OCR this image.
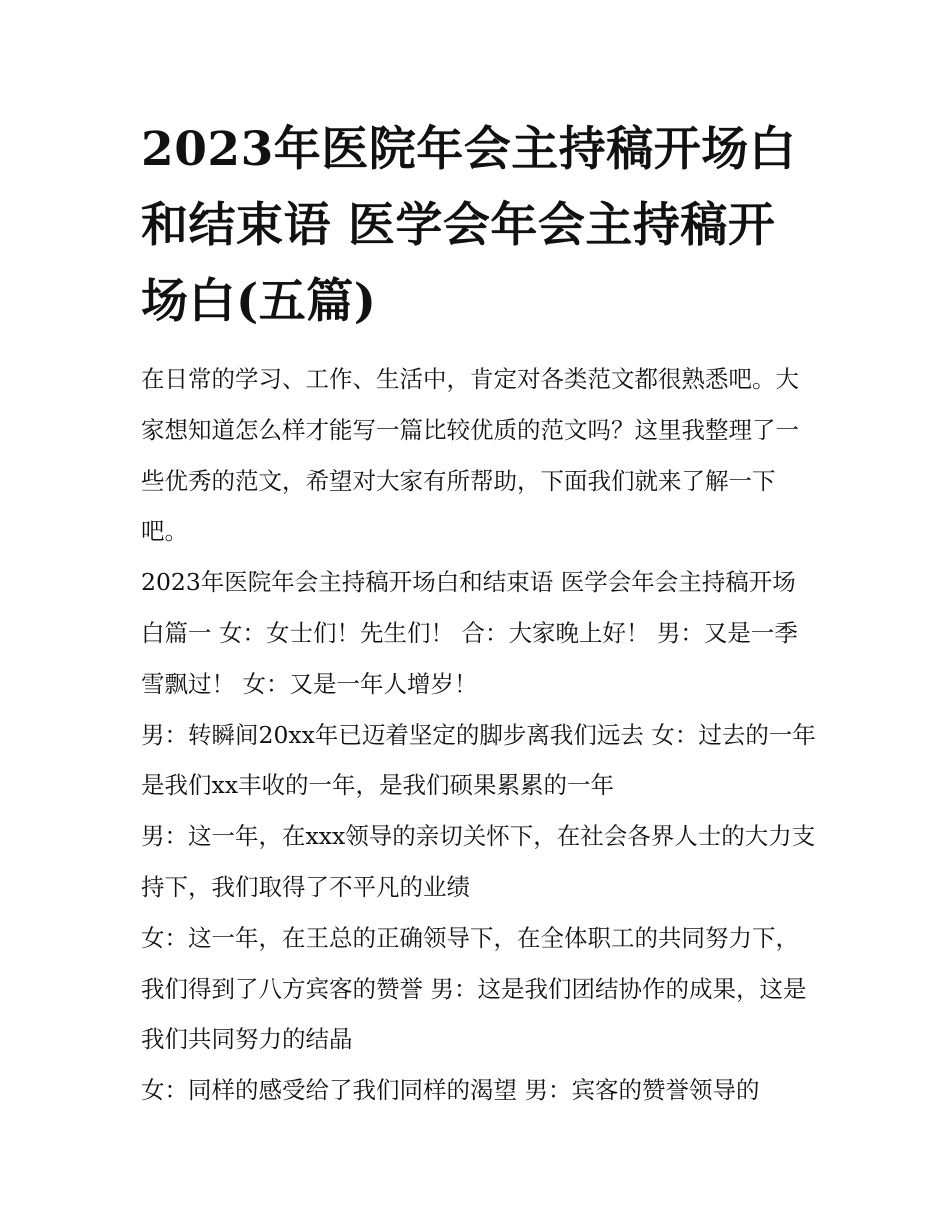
2023年医院年会主持稿开场白和结束语 医学会年会主持稿开场白(五篇)

在日常的学习、工作、生活中，肯定对各类范文都很熟悉吧。大家想知道怎么样才能写一篇比较优质的范文吗？这里我整理了一些优秀的范文，希望对大家有所帮助，下面我们就来了解一下吧。

2023年医院年会主持稿开场白和结束语 医学会年会主持稿开场白篇一 女：女士们！先生们！ 合：大家晚上好！ 男：又是一季雪飘过！ 女：又是一年人增岁！

男：转瞬间20xx年已迈着坚定的脚步离我们远去 女：过去的一年是我们xx丰收的一年，是我们硕果累累的一年

男：这一年，在xxx领导的亲切关怀下，在社会各界人士的大力支持下，我们取得了不平凡的业绩

女：这一年，在王总的正确领导下，在全体职工的共同努力下，我们得到了八方宾客的赞誉 男：这是我们团结协作的成果，这是我们共同努力的结晶

女：同样的感受给了我们同样的渴望 男：宾客的赞誉领导的
